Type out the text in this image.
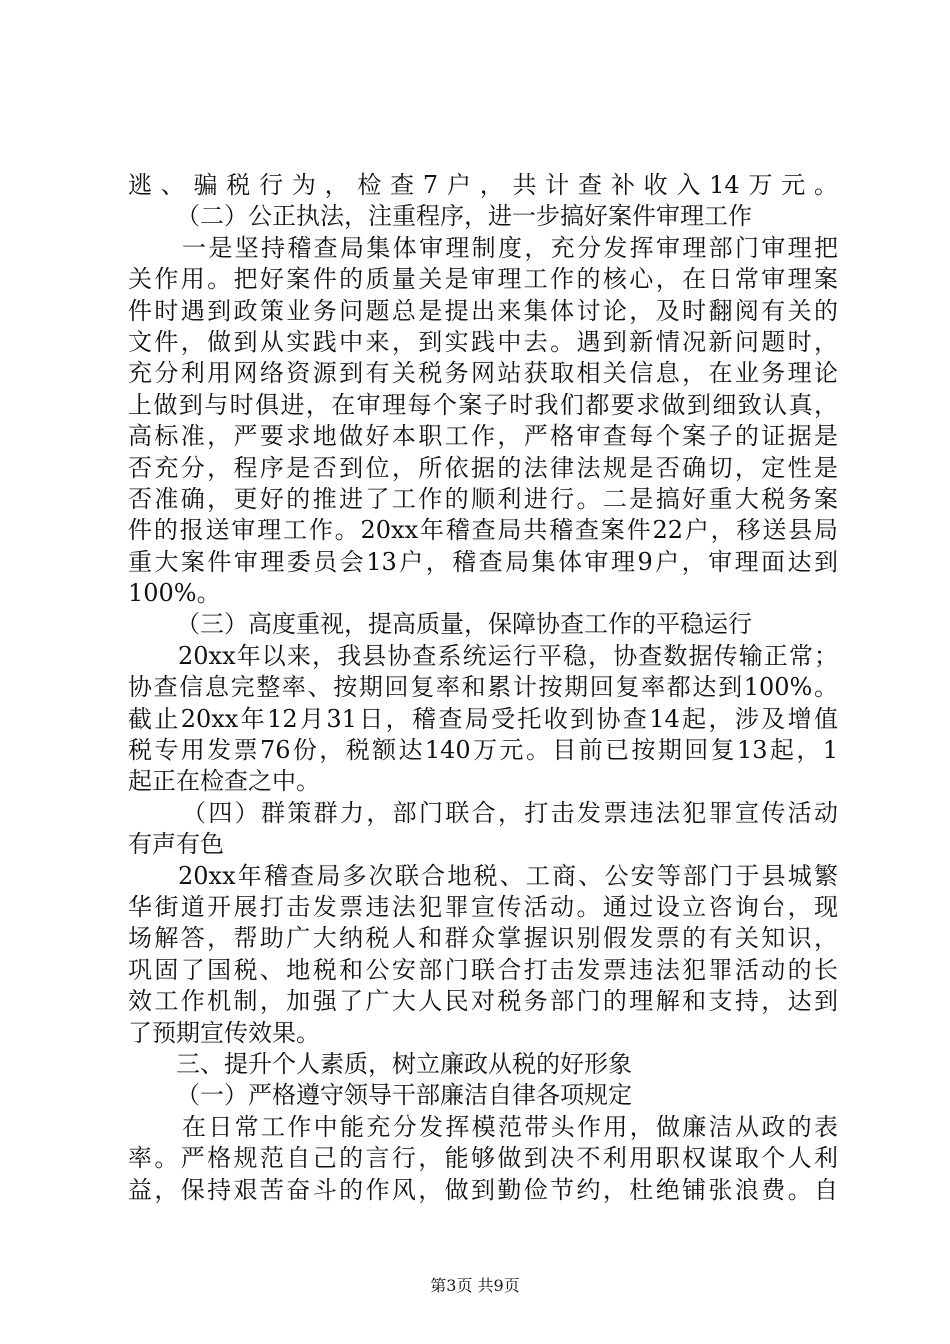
逃、骗税行为，检查7户，共计查补收入14万元。
（二）公正执法，注重程序，进一步搞好案件审理工作
一是坚持稽查局集体审理制度，充分发挥审理部门审理把
关作用。把好案件的质量关是审理工作的核心，在日常审理案
件时遇到政策业务问题总是提出来集体讨论，及时翻阅有关的
文件，做到从实践中来，到实践中去。遇到新情况新问题时，
充分利用网络资源到有关税务网站获取相关信息，在业务理论
上做到与时俱进，在审理每个案子时我们都要求做到细致认真，
高标准，严要求地做好本职工作，严格审查每个案子的证据是
否充分，程序是否到位，所依据的法律法规是否确切，定性是
否准确，更好的推进了工作的顺利进行。二是搞好重大税务案
件的报送审理工作。20xx年稽查局共稽查案件22户，移送县局
重大案件审理委员会13户，稽查局集体审理9户，审理面达到
100%。
（三）高度重视，提高质量，保障协查工作的平稳运行
20xx年以来，我县协查系统运行平稳，协查数据传输正常；
协查信息完整率、按期回复率和累计按期回复率都达到100%。
截止20xx年12月31日，稽查局受托收到协查14起，涉及增值
税专用发票76份，税额达140万元。目前已按期回复13起，1
起正在检查之中。
（四）群策群力，部门联合，打击发票违法犯罪宣传活动
有声有色
20xx年稽查局多次联合地税、工商、公安等部门于县城繁
华街道开展打击发票违法犯罪宣传活动。通过设立咨询台，现
场解答，帮助广大纳税人和群众掌握识别假发票的有关知识，
巩固了国税、地税和公安部门联合打击发票违法犯罪活动的长
效工作机制，加强了广大人民对税务部门的理解和支持，达到
了预期宣传效果。
三、提升个人素质，树立廉政从税的好形象
（一）严格遵守领导干部廉洁自律各项规定
在日常工作中能充分发挥模范带头作用，做廉洁从政的表
率。严格规范自己的言行，能够做到决不利用职权谋取个人利
益，保持艰苦奋斗的作风，做到勤俭节约，杜绝铺张浪费。自
第3页 共9页
